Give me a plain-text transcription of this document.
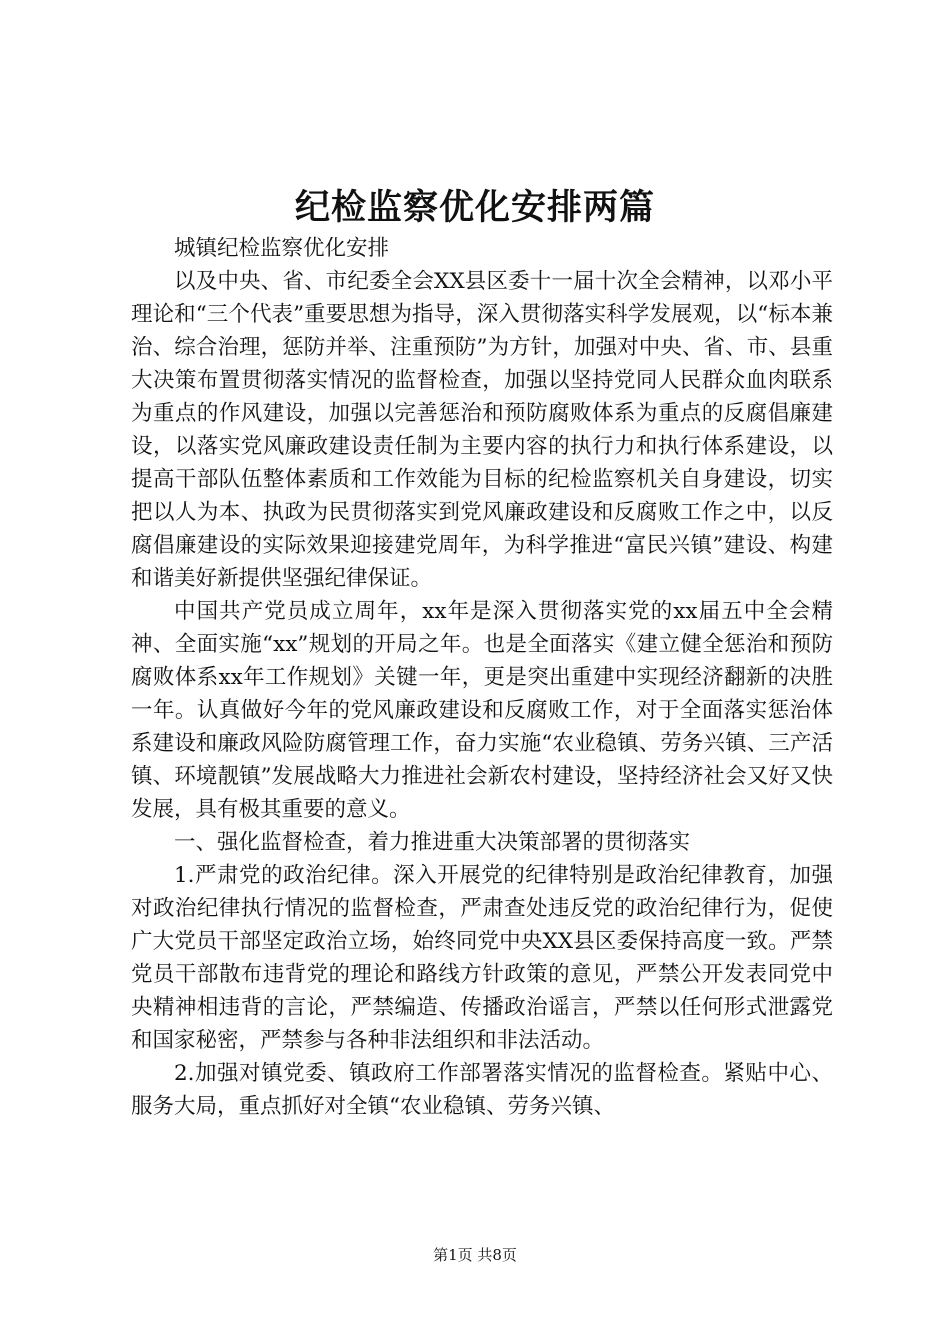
纪检监察优化安排两篇

城镇纪检监察优化安排

以及中央、省、市纪委全会XX县区委十一届十次全会精神，以邓小平理论和“三个代表”重要思想为指导，深入贯彻落实科学发展观，以“标本兼治、综合治理，惩防并举、注重预防”为方针，加强对中央、省、市、县重大决策布置贯彻落实情况的监督检查，加强以坚持党同人民群众血肉联系为重点的作风建设，加强以完善惩治和预防腐败体系为重点的反腐倡廉建设，以落实党风廉政建设责任制为主要内容的执行力和执行体系建设，以提高干部队伍整体素质和工作效能为目标的纪检监察机关自身建设，切实把以人为本、执政为民贯彻落实到党风廉政建设和反腐败工作之中，以反腐倡廉建设的实际效果迎接建党周年，为科学推进“富民兴镇”建设、构建和谐美好新提供坚强纪律保证。

中国共产党员成立周年，xx年是深入贯彻落实党的xx届五中全会精神、全面实施“xx”规划的开局之年。也是全面落实《建立健全惩治和预防腐败体系xx年工作规划》关键一年，更是突出重建中实现经济翻新的决胜一年。认真做好今年的党风廉政建设和反腐败工作，对于全面落实惩治体系建设和廉政风险防腐管理工作，奋力实施“农业稳镇、劳务兴镇、三产活镇、环境靓镇”发展战略大力推进社会新农村建设，坚持经济社会又好又快发展，具有极其重要的意义。

一、强化监督检查，着力推进重大决策部署的贯彻落实

1.严肃党的政治纪律。深入开展党的纪律特别是政治纪律教育，加强对政治纪律执行情况的监督检查，严肃查处违反党的政治纪律行为，促使广大党员干部坚定政治立场，始终同党中央XX县区委保持高度一致。严禁党员干部散布违背党的理论和路线方针政策的意见，严禁公开发表同党中央精神相违背的言论，严禁编造、传播政治谣言，严禁以任何形式泄露党和国家秘密，严禁参与各种非法组织和非法活动。

2.加强对镇党委、镇政府工作部署落实情况的监督检查。紧贴中心、服务大局，重点抓好对全镇“农业稳镇、劳务兴镇、

第1页 共8页
